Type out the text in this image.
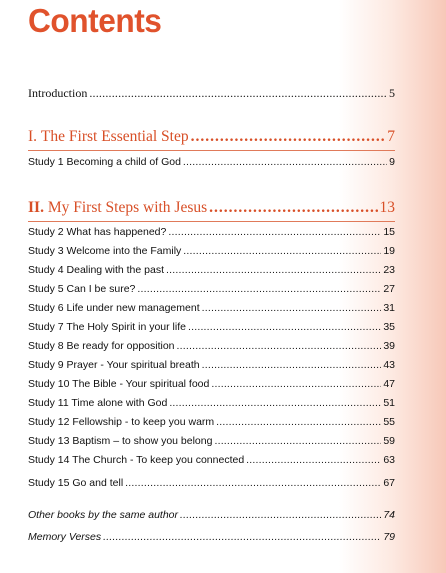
Contents
Introduction .....	5
I.
The First Essential Step .....	7
Study 1 Becoming a child of God .....	9
II.
My First Steps with Jesus .....	13
Study 2 What has happened? .....	15
Study 3 Welcome into the Family .....	19
Study 4 Dealing with the past .....	23
Study 5 Can I be sure? .....	27
Study 6 Life under new management .....	31
Study 7 The Holy Spirit in your life .....	35
Study 8 Be ready for opposition .....	39
Study 9 Prayer - Your spiritual breath .....	43
Study 10 The Bible - Your spiritual food .....	47
Study 11 Time alone with God .....	51
Study 12 Fellowship - to keep you warm .....	55
Study 13 Baptism – to show you belong .....	59
Study 14 The Church - To keep you connected .....	63
Study 15 Go and tell .....	67
Other books by the same author .....	74
Memory Verses .....	79
